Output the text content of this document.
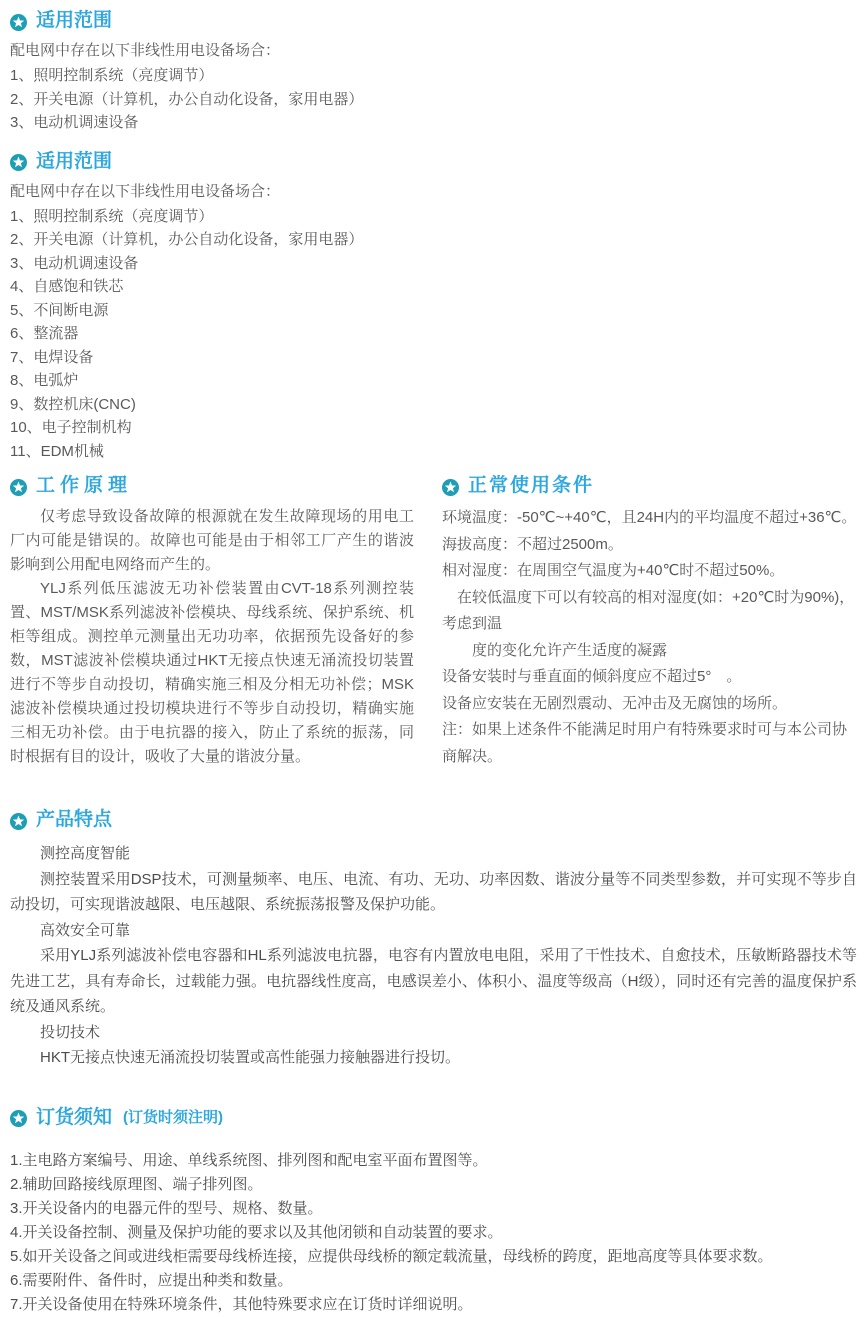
适用范围

配电网中存在以下非线性用电设备场合：

1、照明控制系统（亮度调节）
2、开关电源（计算机，办公自动化设备，家用电器）
3、电动机调速设备
适用范围

配电网中存在以下非线性用电设备场合：

1、照明控制系统（亮度调节）
2、开关电源（计算机，办公自动化设备，家用电器）
3、电动机调速设备
4、自感饱和铁芯
5、不间断电源
6、整流器
7、电焊设备
8、电弧炉
9、数控机床(CNC)
10、电子控制机构
11、EDM机械
工作原理

仅考虑导致设备故障的根源就在发生故障现场的用电工厂内可能是错误的。故障也可能是由于相邻工厂产生的谐波影响到公用配电网络而产生的。

YLJ系列低压滤波无功补偿装置由CVT-18系列测控装置、MST/MSK系列滤波补偿模块、母线系统、保护系统、机柜等组成。测控单元测量出无功功率，依据预先设备好的参数，MST滤波补偿模块通过HKT无接点快速无涌流投切装置进行不等步自动投切，精确实施三相及分相无功补偿；MSK滤波补偿模块通过投切模块进行不等步自动投切，精确实施三相无功补偿。由于电抗器的接入，防止了系统的振荡，同时根据有目的设计，吸收了大量的谐波分量。

正常使用条件
环境温度：-50℃~+40℃，且24H内的平均温度不超过+36℃。
海拔高度：不超过2500m。
相对湿度：在周围空气温度为+40℃时不超过50%。
　在较低温度下可以有较高的相对湿度(如：+20℃时为90%)，考虑到温
　　度的变化允许产生适度的凝露
设备安装时与垂直面的倾斜度应不超过5°　。
设备应安装在无剧烈震动、无冲击及无腐蚀的场所。
注：如果上述条件不能满足时用户有特殊要求时可与本公司协商解决。
产品特点

测控高度智能

测控装置采用DSP技术，可测量频率、电压、电流、有功、无功、功率因数、谐波分量等不同类型参数，并可实现不等步自动投切，可实现谐波越限、电压越限、系统振荡报警及保护功能。

高效安全可靠

采用YLJ系列滤波补偿电容器和HL系列滤波电抗器，电容有内置放电电阻，采用了干性技术、自愈技术，压敏断路器技术等先进工艺，具有寿命长，过载能力强。电抗器线性度高，电感误差小、体积小、温度等级高（H级），同时还有完善的温度保护系统及通风系统。

投切技术

HKT无接点快速无涌流投切装置或高性能强力接触器进行投切。

订货须知 (订货时须注明)
1.主电路方案编号、用途、单线系统图、排列图和配电室平面布置图等。
2.辅助回路接线原理图、端子排列图。
3.开关设备内的电器元件的型号、规格、数量。
4.开关设备控制、测量及保护功能的要求以及其他闭锁和自动装置的要求。
5.如开关设备之间或进线柜需要母线桥连接，应提供母线桥的额定载流量，母线桥的跨度，距地高度等具体要求数。
6.需要附件、备件时，应提出种类和数量。
7.开关设备使用在特殊环境条件，其他特殊要求应在订货时详细说明。
